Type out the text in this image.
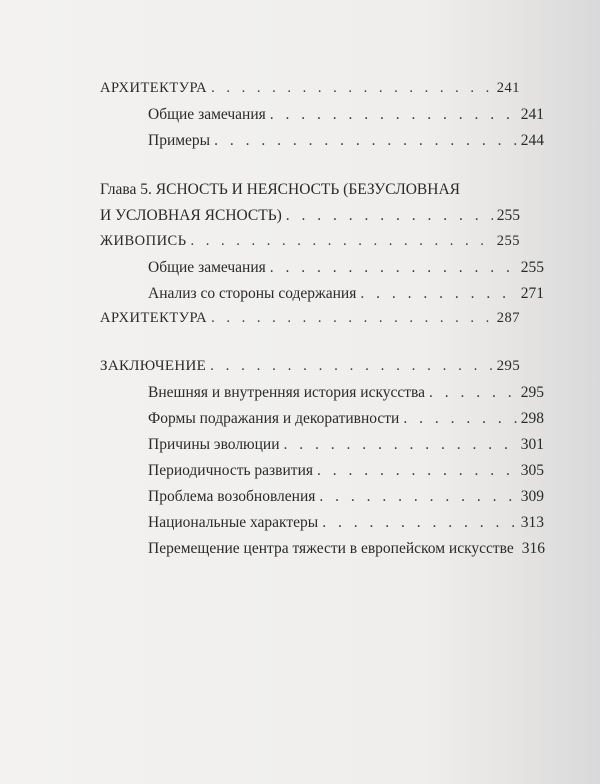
АРХИТЕКТУРА . . .	241
Общие замечания . . .	241
Примеры . . .	244
Глава 5. ЯСНОСТЬ И НЕЯСНОСТЬ (БЕЗУСЛОВНАЯ
И УСЛОВНАЯ ЯСНОСТЬ) . . .	255
ЖИВОПИСЬ . . .	255
Общие замечания . . .	255
Анализ со стороны содержания . . .	271
АРХИТЕКТУРА . . .	287
ЗАКЛЮЧЕНИЕ . . .	295
Внешняя и внутренняя история искусства . . .	295
Формы подражания и декоративности . . .	298
Причины эволюции . . .	301
Периодичность развития . . .	305
Проблема возобновления . . .	309
Национальные характеры . . .	313
Перемещение центра тяжести в европейском искусстве 316
